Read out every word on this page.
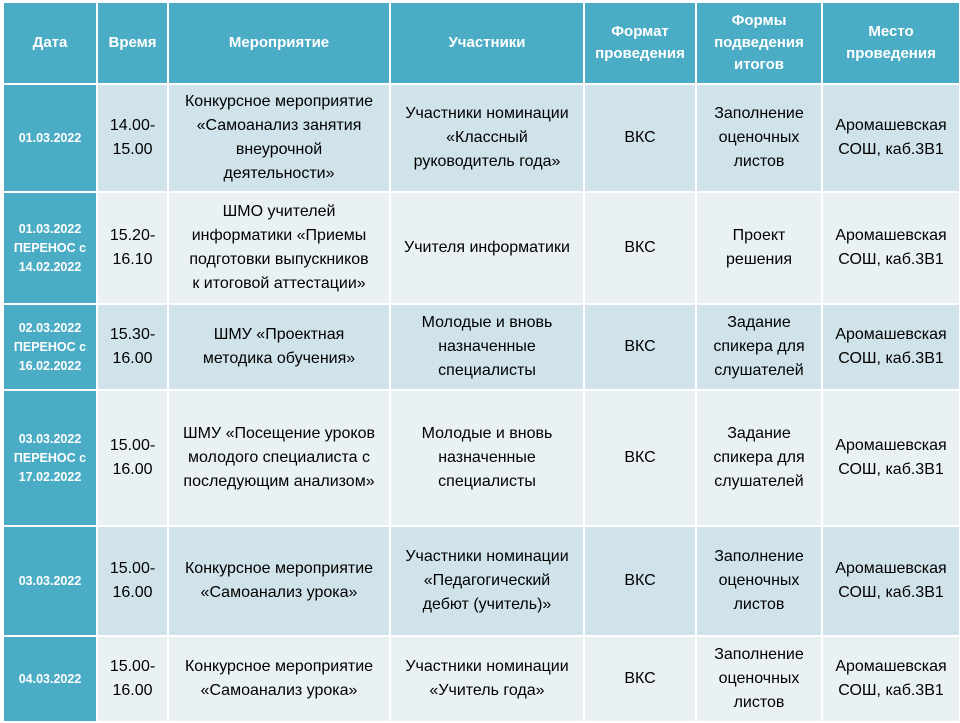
Дата	Время	Мероприятие	Участники	Формат
проведения	Формы
подведения
итогов	Место
проведения

01.03.2022	14.00-
15.00	Конкурсное мероприятие
«Самоанализ занятия
внеурочной
деятельности»	Участники номинации
«Классный
руководитель года»	ВКС	Заполнение
оценочных
листов	Аромашевская
СОШ, каб.3В1

01.03.2022
ПЕРЕНОС с
14.02.2022	15.20-
16.10	ШМО учителей
информатики «Приемы
подготовки выпускников
к итоговой аттестации»	Учителя информатики	ВКС	Проект
решения	Аромашевская
СОШ, каб.3В1

02.03.2022
ПЕРЕНОС с
16.02.2022	15.30-
16.00	ШМУ «Проектная
методика обучения»	Молодые и вновь
назначенные
специалисты	ВКС	Задание
спикера для
слушателей	Аромашевская
СОШ, каб.3В1

03.03.2022
ПЕРЕНОС с
17.02.2022	15.00-
16.00	ШМУ «Посещение уроков
молодого специалиста с
последующим анализом»	Молодые и вновь
назначенные
специалисты	ВКС	Задание
спикера для
слушателей	Аромашевская
СОШ, каб.3В1

03.03.2022	15.00-
16.00	Конкурсное мероприятие
«Самоанализ урока»	Участники номинации
«Педагогический
дебют (учитель)»	ВКС	Заполнение
оценочных
листов	Аромашевская
СОШ, каб.3В1

04.03.2022	15.00-
16.00	Конкурсное мероприятие
«Самоанализ урока»	Участники номинации
«Учитель года»	ВКС	Заполнение
оценочных
листов	Аромашевская
СОШ, каб.3В1
